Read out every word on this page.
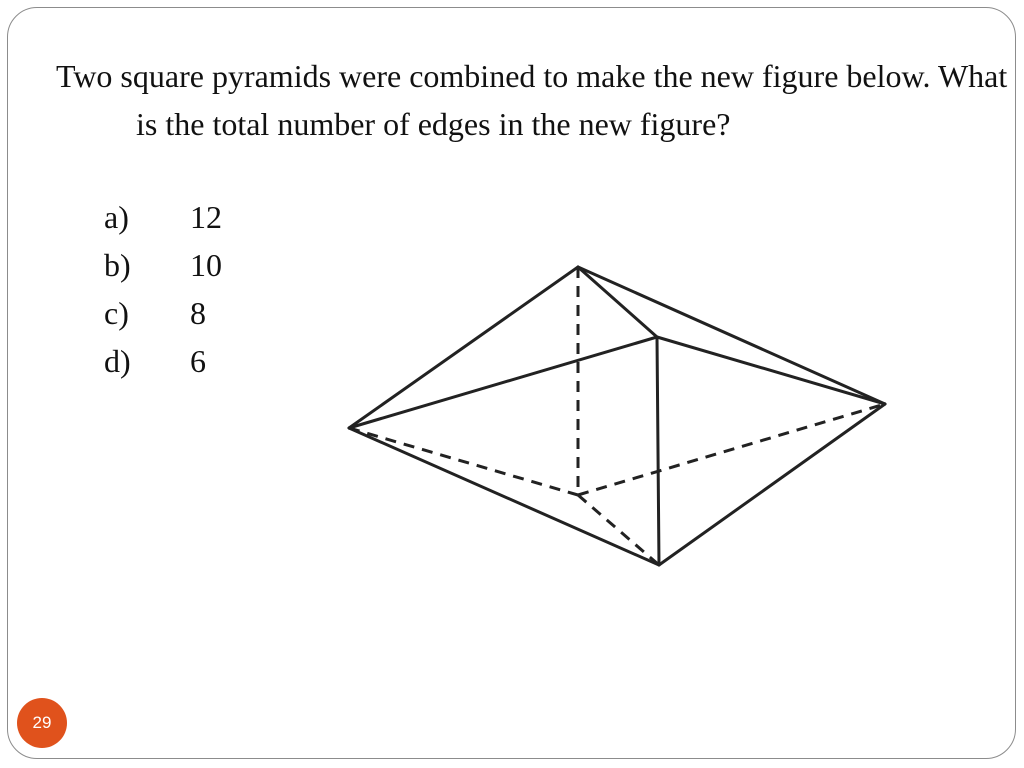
Two square pyramids were combined to make the new figure below. What is the total number of edges in the new figure?

a)	12
b)	10
c)	8
d)	6
29
